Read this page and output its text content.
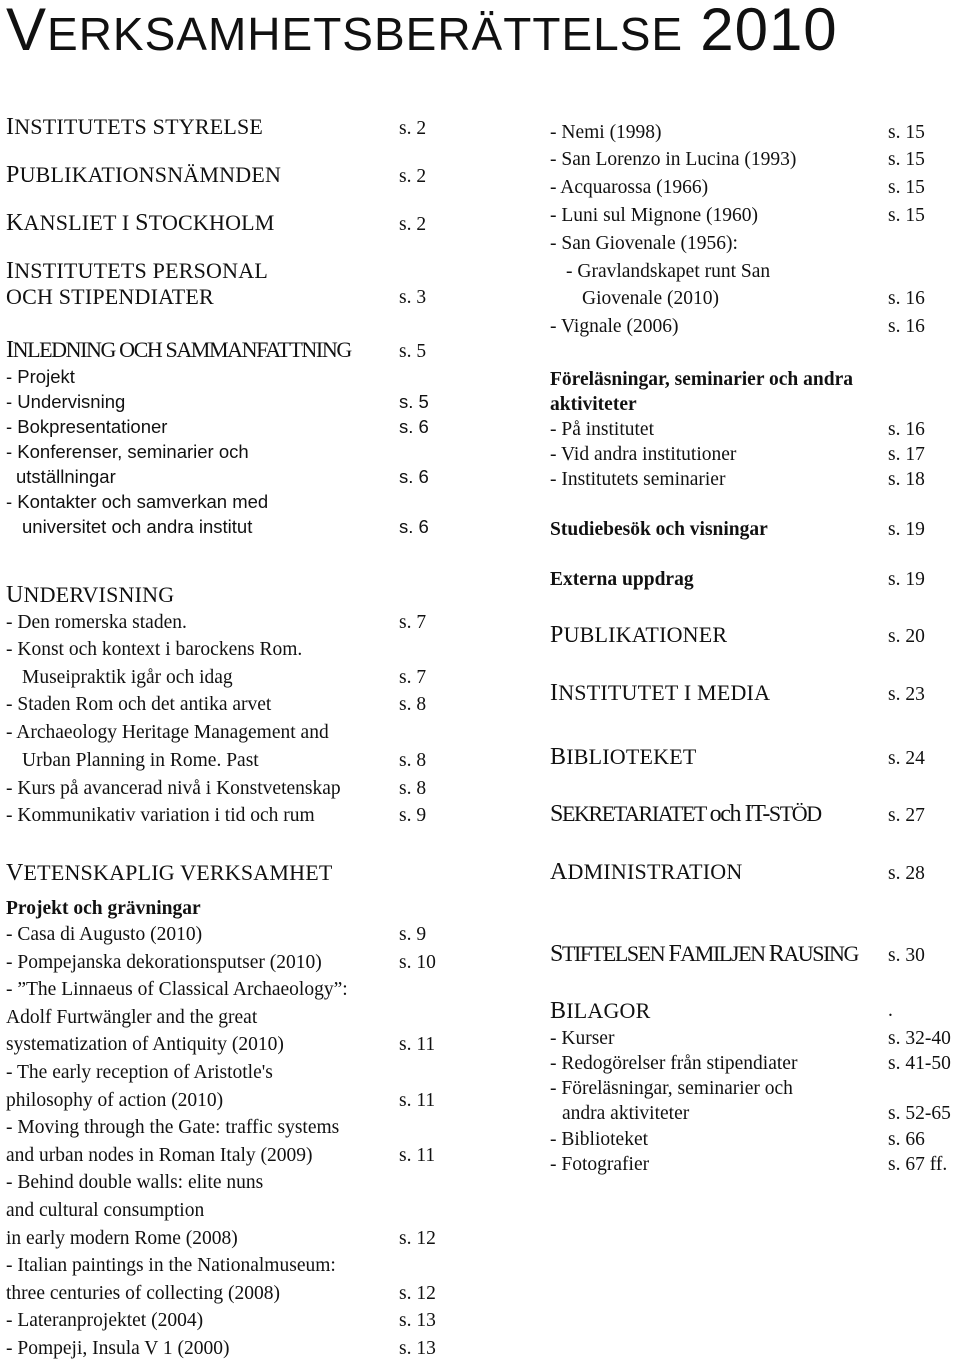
VERKSAMHETSBERÄTTELSE 2010
INSTITUTETS STYRELSE	s. 2
PUBLIKATIONSNÄMNDEN	s. 2
KANSLIET I STOCKHOLM	s. 2
INSTITUTETS PERSONAL
OCH STIPENDIATER	s. 3
INLEDNING OCH SAMMANFATTNING s. 5
- Projekt
- Undervisning	s. 5
- Bokpresentationer	s. 6
- Konferenser, seminarier och
utställningar	s. 6
- Kontakter och samverkan med
universitet och andra institut	s. 6
UNDERVISNING
- Den romerska staden.	s. 7
- Konst och kontext i barockens Rom.
Museipraktik igår och idag	s. 7
- Staden Rom och det antika arvet	s. 8
- Archaeology Heritage Management and
Urban Planning in Rome. Past	s. 8
- Kurs på avancerad nivå i Konstvetenskap	s. 8
- Kommunikativ variation i tid och rum	s. 9
VETENSKAPLIG VERKSAMHET
Projekt och grävningar
- Casa di Augusto (2010)	s. 9
- Pompejanska dekorationsputser (2010)	s. 10
- ”The Linnaeus of Classical Archaeology”:
Adolf Furtwängler and the great
systematization of Antiquity (2010)	s. 11
- The early reception of Aristotle's
philosophy of action (2010)	s. 11
- Moving through the Gate: traffic systems
and urban nodes in Roman Italy (2009)	s. 11
- Behind double walls: elite nuns
and cultural consumption
in early modern Rome (2008)	s. 12
- Italian paintings in the Nationalmuseum:
three centuries of collecting (2008)	s. 12
- Lateranprojektet (2004)	s. 13
- Pompeji, Insula V 1 (2000)	s. 13
- Nemi (1998)	s. 15
- San Lorenzo in Lucina (1993)	s. 15
- Acquarossa (1966)	s. 15
- Luni sul Mignone (1960)	s. 15
- San Giovenale (1956):
- Gravlandskapet runt San
Giovenale (2010)	s. 16
- Vignale (2006)	s. 16
Föreläsningar, seminarier och andra
aktiviteter
- På institutet	s. 16
- Vid andra institutioner	s. 17
- Institutets seminarier	s. 18
Studiebesök och visningar	s. 19
Externa uppdrag	s. 19
PUBLIKATIONER	s. 20
INSTITUTET I MEDIA	s. 23
BIBLIOTEKET	s. 24
SEKRETARIATET och IT-STÖD	s. 27
ADMINISTRATION	s. 28
STIFTELSEN FAMILJEN RAUSING s. 30
BILAGOR	.
- Kurser	s. 32-40
- Redogörelser från stipendiater	s. 41-50
- Föreläsningar, seminarier och
andra aktiviteter	s. 52-65
- Biblioteket	s. 66
- Fotografier	s. 67 ff.
